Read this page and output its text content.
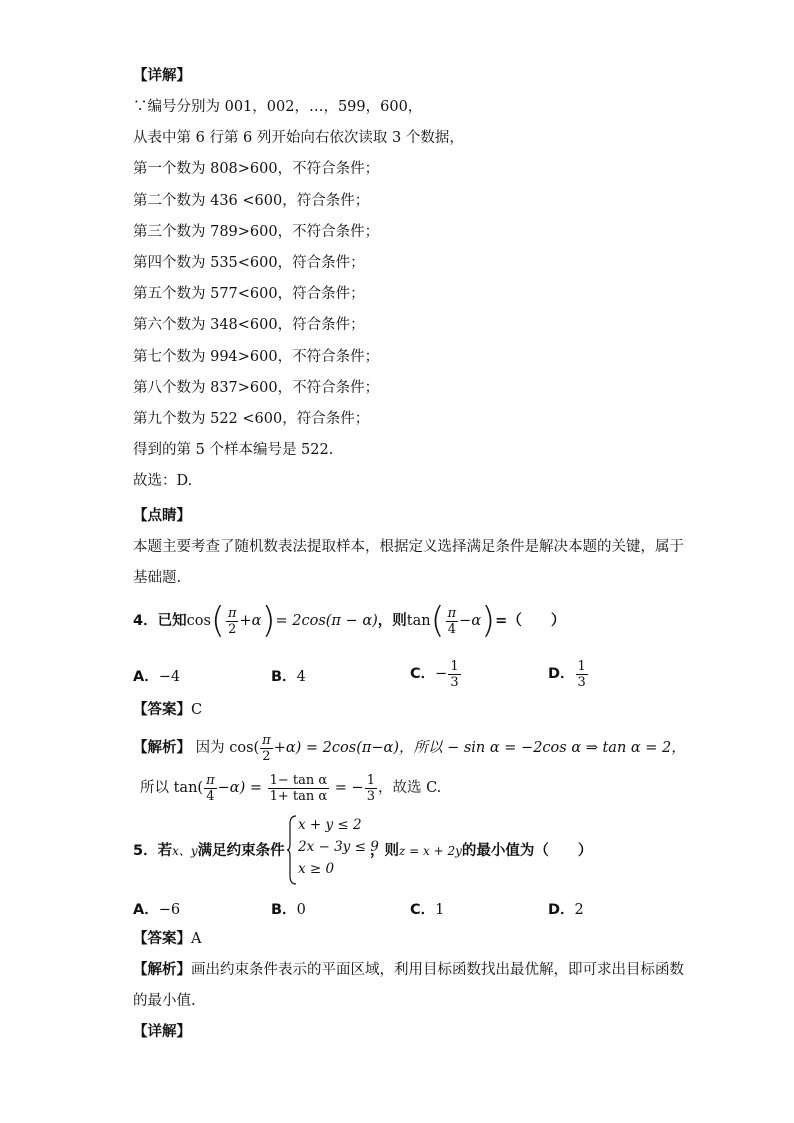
【详解】
∵编号分别为 001，002，…，599，600，
从表中第 6 行第 6 列开始向右依次读取 3 个数据，
第一个数为 808>600，不符合条件；
第二个数为 436 <600，符合条件；
第三个数为 789>600，不符合条件；
第四个数为 535<600，符合条件；
第五个数为 577<600，符合条件；
第六个数为 348<600，符合条件；
第七个数为 994>600，不符合条件；
第八个数为 837>600，不符合条件；
第九个数为 522 <600，符合条件；
得到的第 5 个样本编号是 522.
故选：D.
【点睛】
本题主要考查了随机数表法提取样本，根据定义选择满足条件是解决本题的关键，属于
基础题.
4．已知$\cos( \frac{\pi}{2} +\alpha)= 2\cos(\pi - \alpha)$，则$\tan( \frac{\pi}{4} -\alpha)=$（　　）
A．−4	B．4	C．− $\frac{1}{3}$	D． $\frac{1}{3}$
【答案】C
【解析】 因为 $\cos( \frac{\pi}{2} +\alpha) = 2\cos(\pi-\alpha)$，所以 − sin α = −2cos α ⇒ tan α = 2，
所以 $\tan( \frac{\pi}{4} -\alpha) = \frac{\text{1− tan α}}{\text{1+ tan α}}$ = − $\frac{1}{3}$ ，故选 C.
5．若x、y满足约束条件
x + y ≤ 2
2x − 3y ≤ 9
x ≥ 0
，则z = x + 2y的最小值为（　　）
A．−6	B．0	C．1	D．2
【答案】A
【解析】画出约束条件表示的平面区域，利用目标函数找出最优解，即可求出目标函数
的最小值.
【详解】
